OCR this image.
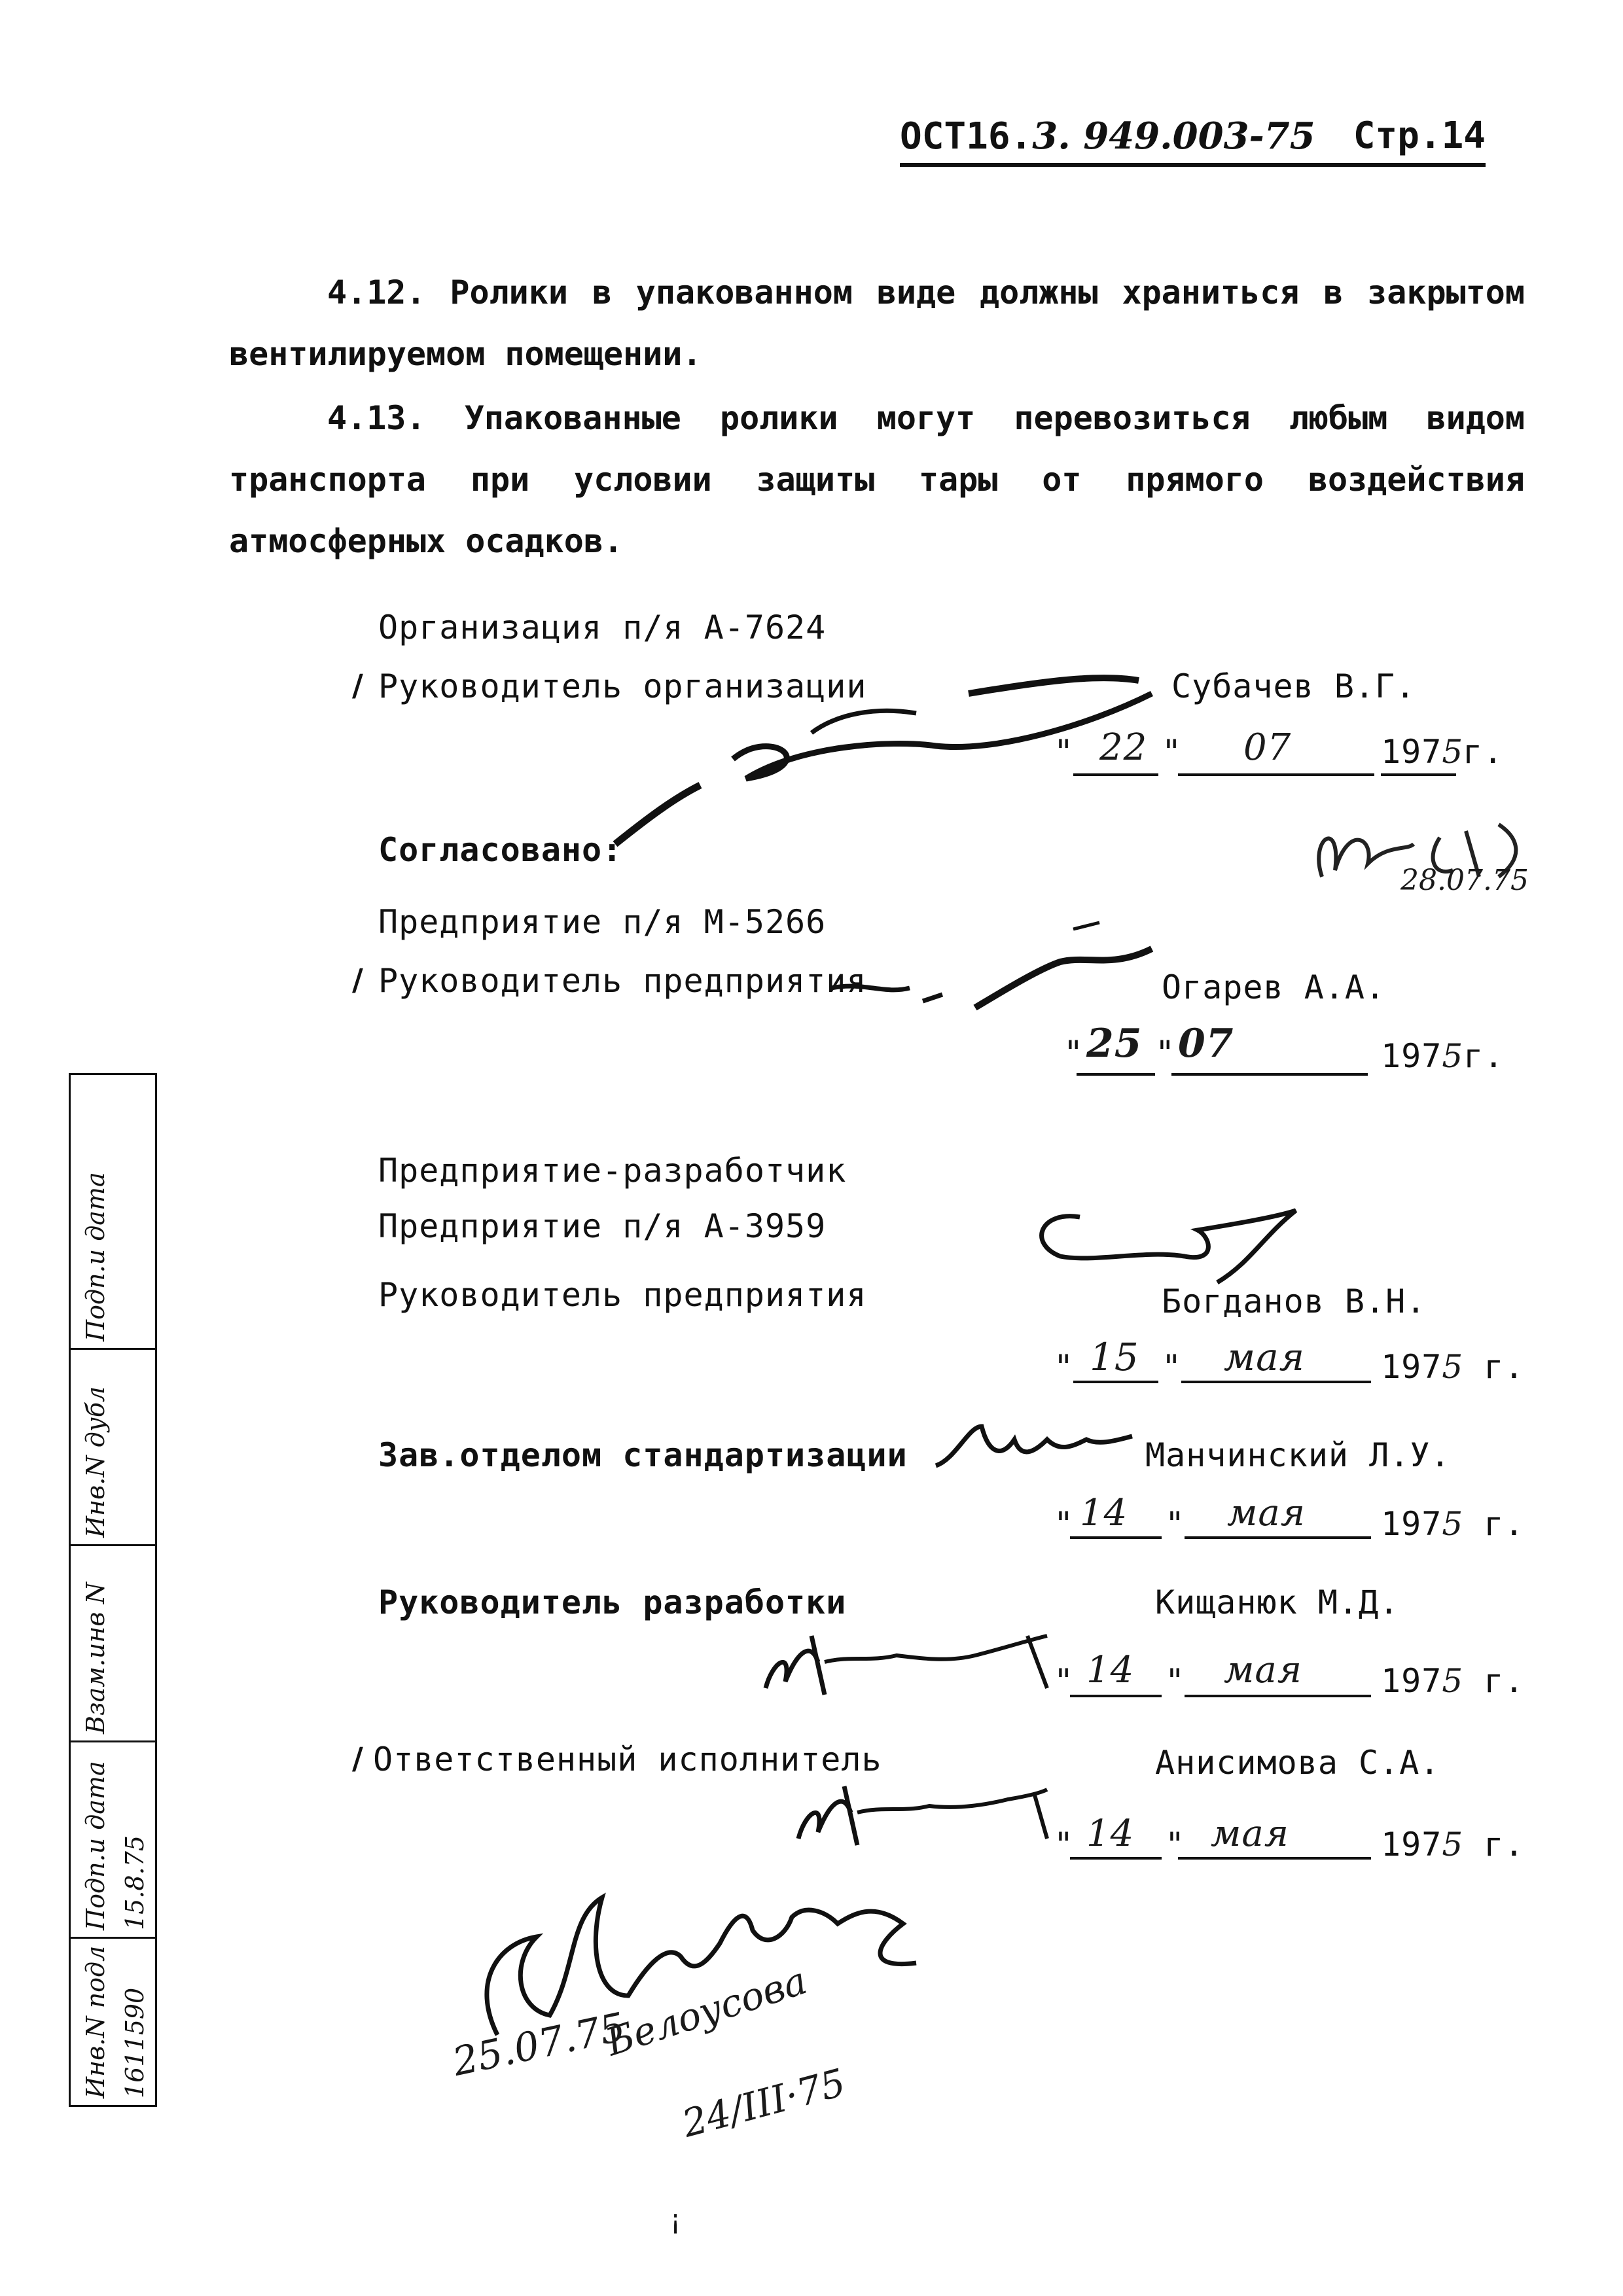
ОСТ16.3. 949.003-75 Стр.14
4.12. Ролики в упакованном виде должны храниться в закрытом вентилируемом помещении.
4.13. Упакованные ролики могут перевозиться любым видом транспорта при условии защиты тары от прямого воздействия атмосферных осадков.
Организация п/я А-7624
/ Руководитель организации	Субачев В.Г.
" 22 " 07	1975
г.
Согласовано:
28.07.75
Предприятие п/я М-5266
/ Руководитель предприятия	Огарев А.А.
" 25 " 07	1975г.
Предприятие-разработчик
Предприятие п/я А-3959
Руководитель предприятия	Богданов В.Н.
" 15 " мая 1975 г.
Зав.отделом стандартизации	Манчинский Л.У.
" 14 " мая 1975 г.
Руководитель разработки	Кищанюк М.Д.
" 14 " мая 1975 г.
/ Ответственный исполнитель	Анисимова С.А.
" 14 " мая	1975 г.
25.07.75
Белоусова
24/III·75
¡
Подп.и дата
Инв.N дубл
Взам.инв N
Подп.и дата 15.8.75
Инв.N подл 1611590
